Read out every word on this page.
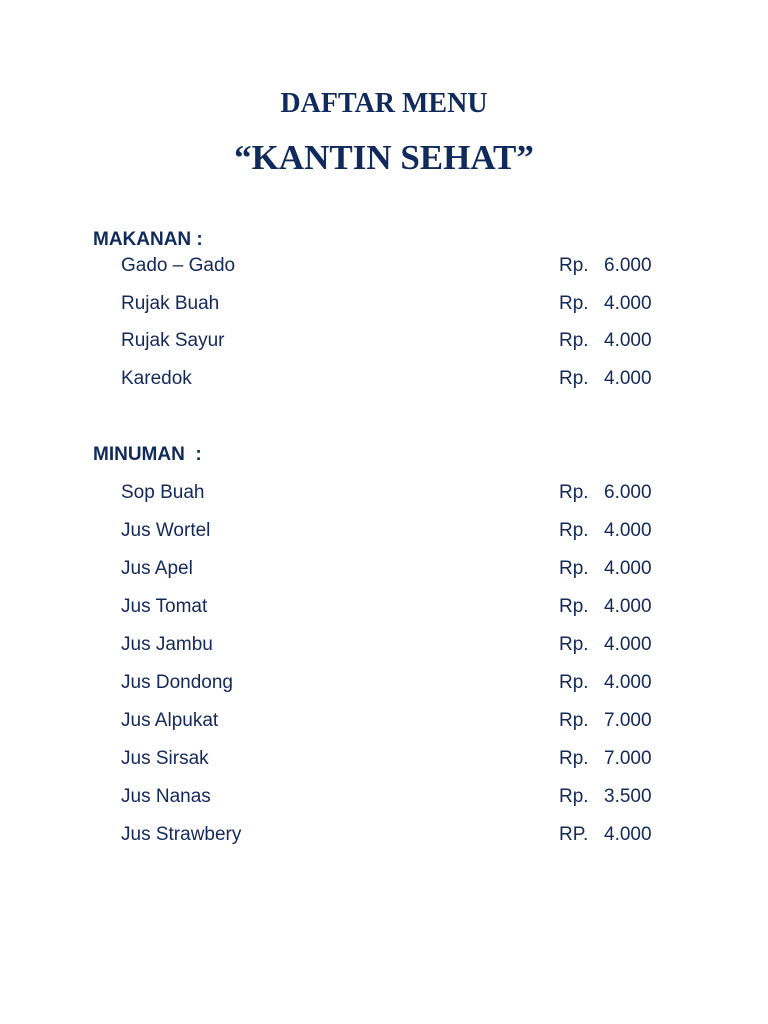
DAFTAR MENU
“KANTIN SEHAT”
MAKANAN :
Gado – Gado	Rp. 6.000
Rujak Buah	Rp. 4.000
Rujak Sayur	Rp. 4.000
Karedok	Rp. 4.000
MINUMAN  :
Sop Buah	Rp. 6.000
Jus Wortel	Rp. 4.000
Jus Apel	Rp. 4.000
Jus Tomat	Rp. 4.000
Jus Jambu	Rp. 4.000
Jus Dondong	Rp. 4.000
Jus Alpukat	Rp. 7.000
Jus Sirsak	Rp. 7.000
Jus Nanas	Rp. 3.500
Jus Strawbery	RP. 4.000
